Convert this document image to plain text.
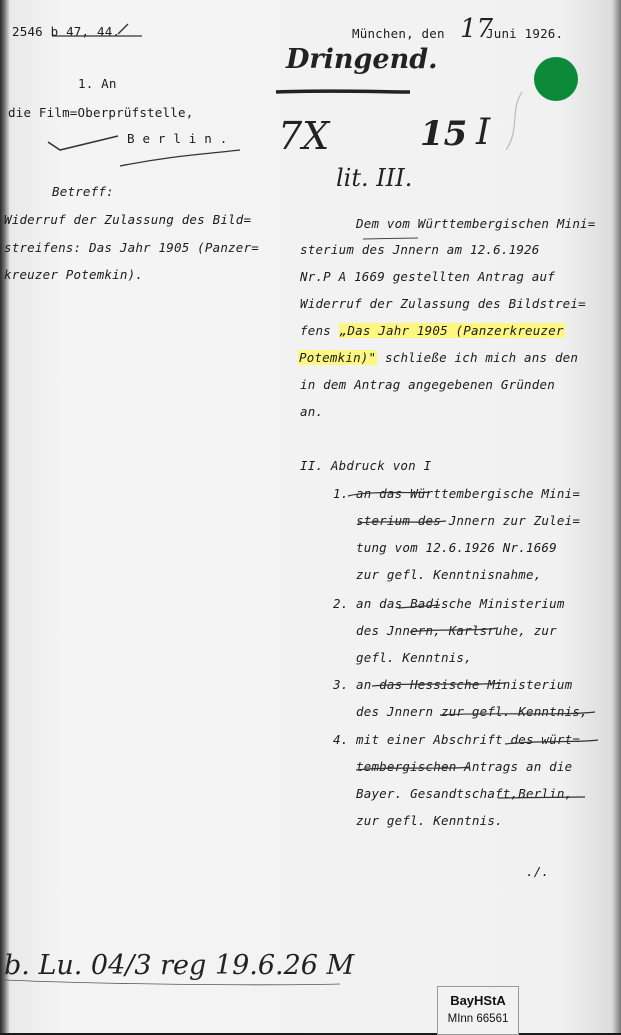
2546 b 47, 44.	München, den 17
Juni 1926.
Dringend.
1. An
die Film=Oberprüfstelle,
B e r l i n . 7X	15 I
lit. III.
Betreff:
Widerruf der Zulassung des Bild=
streifens: Das Jahr 1905 (Panzer=
kreuzer Potemkin).
Dem vom Württembergischen Mini=
sterium des Jnnern am 12.6.1926
Nr.P A 1669 gestellten Antrag auf
Widerruf der Zulassung des Bildstrei=
fens „Das Jahr 1905 (Panzerkreuzer
Potemkin)" schließe ich mich ans den
in dem Antrag angegebenen Gründen
an.
II. Abdruck von I
1. an das Württembergische Mini=
sterium des Jnnern zur Zulei=
tung vom 12.6.1926 Nr.1669
zur gefl. Kenntnisnahme,
2. an das Badische Ministerium
des Jnnern, Karlsruhe, zur
gefl. Kenntnis,
3. an das Hessische Ministerium
des Jnnern zur gefl. Kenntnis,
4. mit einer Abschrift des würt=
tembergischen Antrags an die
Bayer. Gesandtschaft,Berlin,
zur gefl. Kenntnis.
./.
b. Lu. 04/3 reg 19.6.26 M
BayHStA
MInn 66561
